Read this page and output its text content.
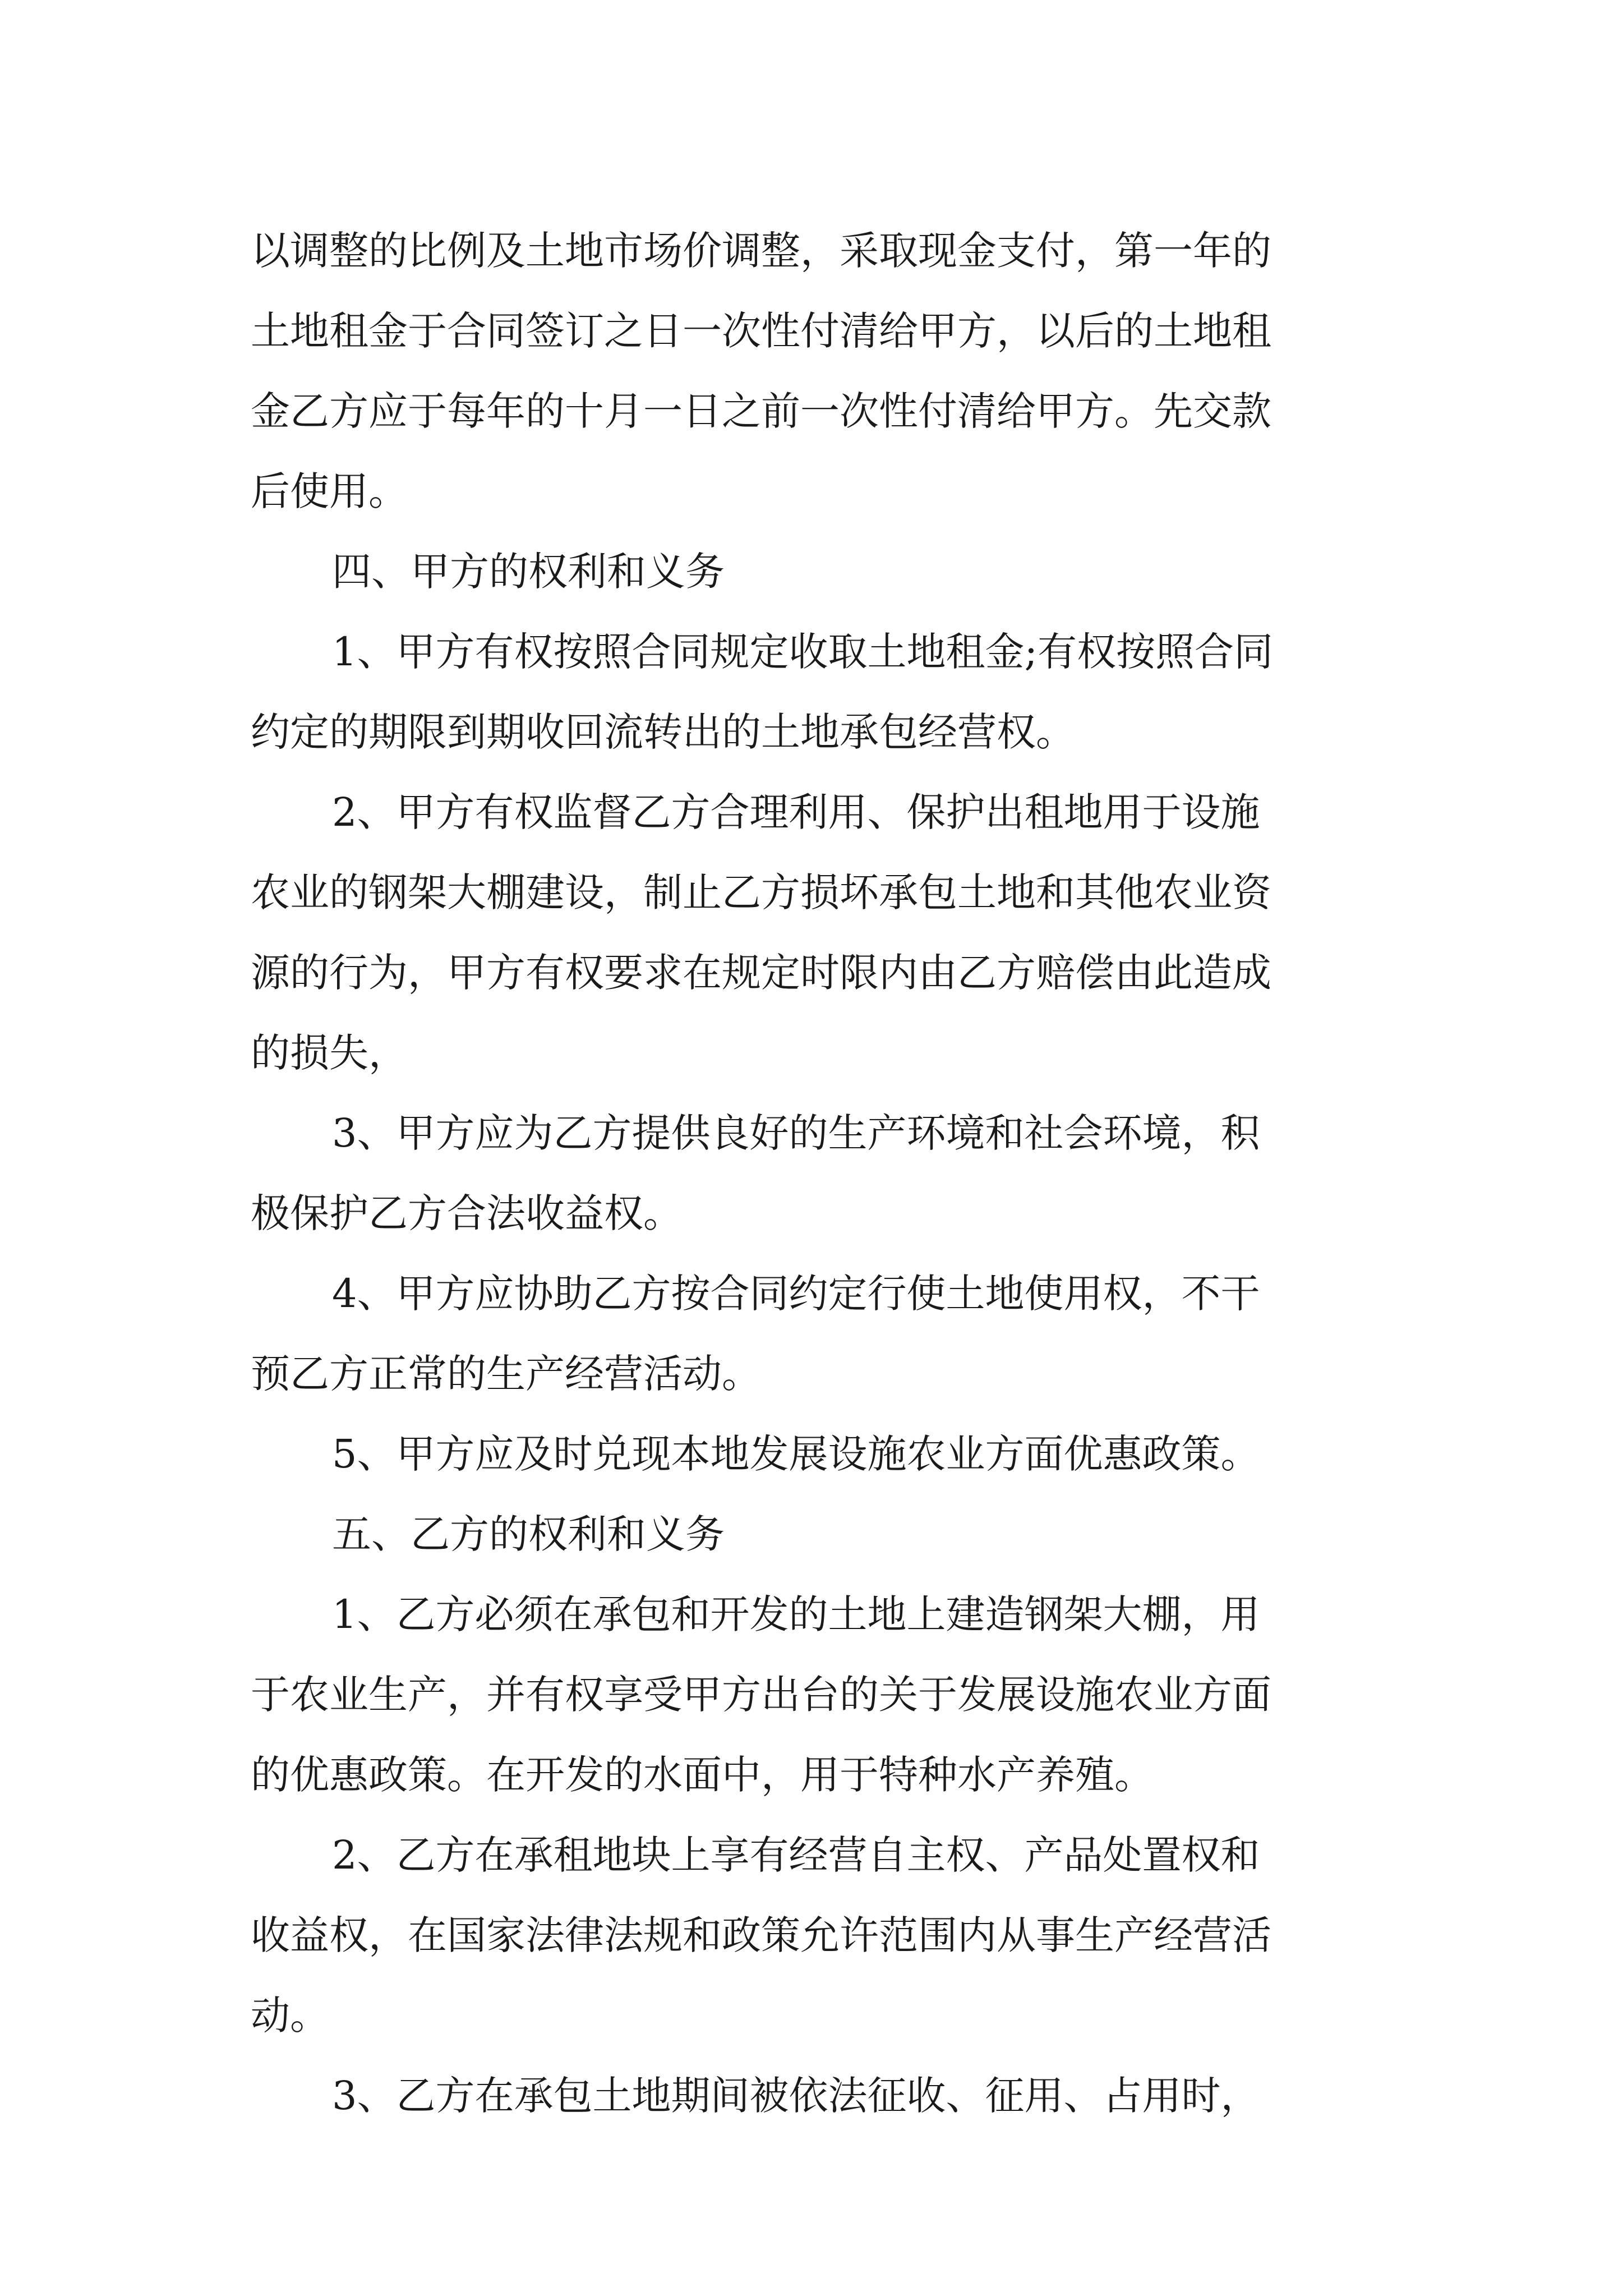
以调整的比例及土地市场价调整，采取现金支付，第一年的
土地租金于合同签订之日一次性付清给甲方，以后的土地租
金乙方应于每年的十月一日之前一次性付清给甲方。先交款
后使用。
四、甲方的权利和义务
1、甲方有权按照合同规定收取土地租金;有权按照合同
约定的期限到期收回流转出的土地承包经营权。
2、甲方有权监督乙方合理利用、保护出租地用于设施
农业的钢架大棚建设，制止乙方损坏承包土地和其他农业资
源的行为，甲方有权要求在规定时限内由乙方赔偿由此造成
的损失，
3、甲方应为乙方提供良好的生产环境和社会环境，积
极保护乙方合法收益权。
4、甲方应协助乙方按合同约定行使土地使用权，不干
预乙方正常的生产经营活动。
5、甲方应及时兑现本地发展设施农业方面优惠政策。
五、乙方的权利和义务
1、乙方必须在承包和开发的土地上建造钢架大棚，用
于农业生产，并有权享受甲方出台的关于发展设施农业方面
的优惠政策。在开发的水面中，用于特种水产养殖。
2、乙方在承租地块上享有经营自主权、产品处置权和
收益权，在国家法律法规和政策允许范围内从事生产经营活
动。
3、乙方在承包土地期间被依法征收、征用、占用时，
